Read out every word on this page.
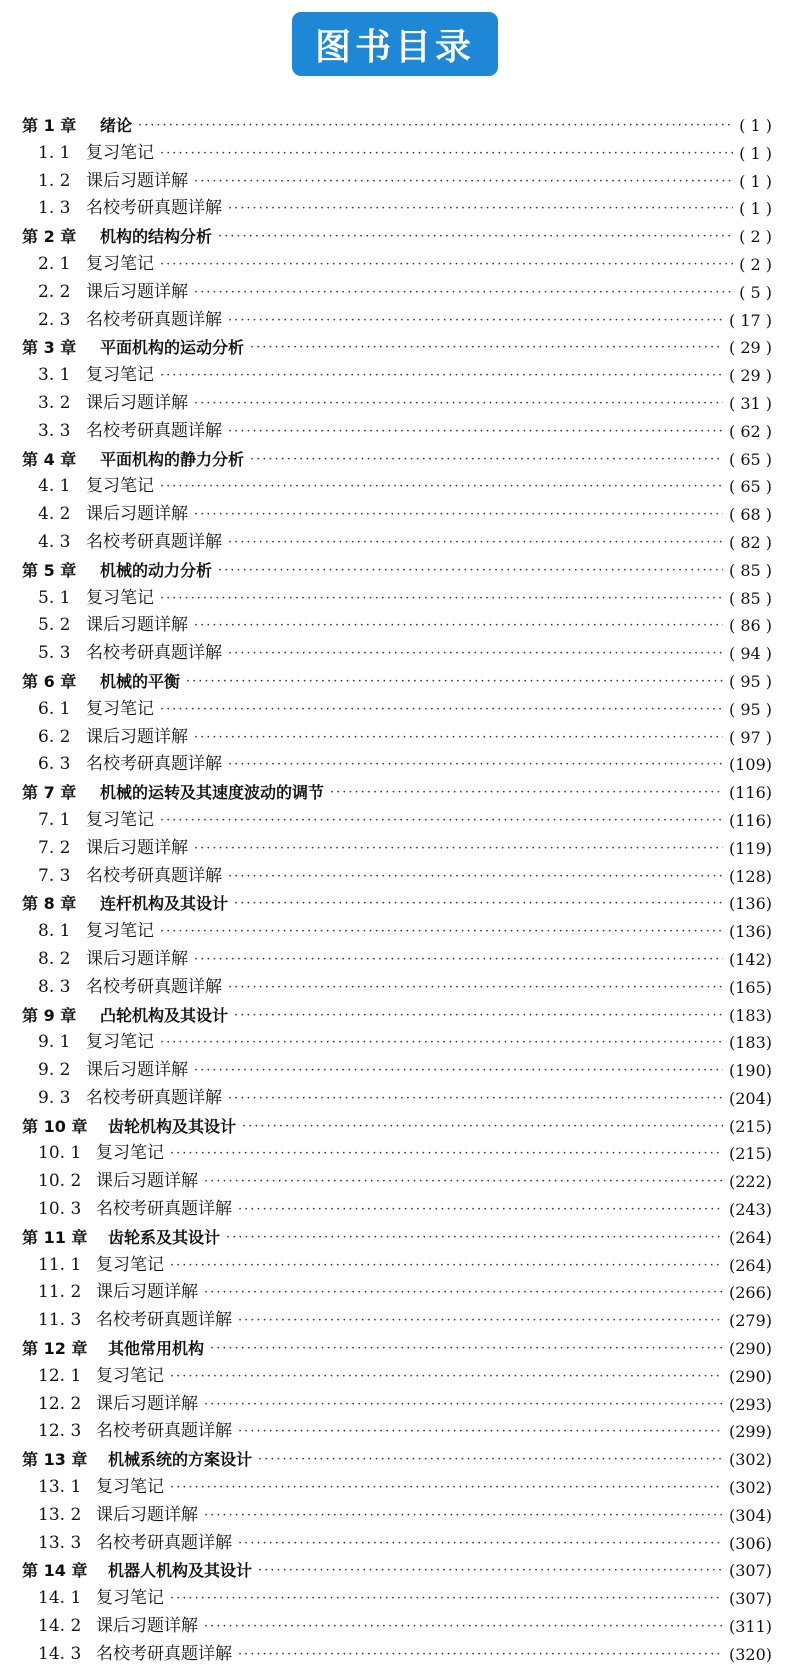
图书目录
第 1 章	绪论 ·····	( 1 )
1. 1 复习笔记 ·····	( 1 )
1. 2 课后习题详解 ·····	( 1 )
1. 3 名校考研真题详解 ·····	( 1 )
第 2 章	机构的结构分析 ·····	( 2 )
2. 1 复习笔记 ·····	( 2 )
2. 2 课后习题详解 ·····	( 5 )
2. 3 名校考研真题详解 ·····	( 17 )
第 3 章	平面机构的运动分析 ·····	( 29 )
3. 1 复习笔记 ·····	( 29 )
3. 2 课后习题详解 ·····	( 31 )
3. 3 名校考研真题详解 ·····	( 62 )
第 4 章	平面机构的静力分析 ·····	( 65 )
4. 1 复习笔记 ·····	( 65 )
4. 2 课后习题详解 ·····	( 68 )
4. 3 名校考研真题详解 ·····	( 82 )
第 5 章	机械的动力分析 ·····	( 85 )
5. 1 复习笔记 ·····	( 85 )
5. 2 课后习题详解 ·····	( 86 )
5. 3 名校考研真题详解 ·····	( 94 )
第 6 章	机械的平衡 ·····	( 95 )
6. 1 复习笔记 ·····	( 95 )
6. 2 课后习题详解 ·····	( 97 )
6. 3 名校考研真题详解 ·····	(109)
第 7 章	机械的运转及其速度波动的调节 ·····	(116)
7. 1 复习笔记 ·····	(116)
7. 2 课后习题详解 ·····	(119)
7. 3 名校考研真题详解 ·····	(128)
第 8 章	连杆机构及其设计 ·····	(136)
8. 1 复习笔记 ·····	(136)
8. 2 课后习题详解 ·····	(142)
8. 3 名校考研真题详解 ·····	(165)
第 9 章	凸轮机构及其设计 ·····	(183)
9. 1 复习笔记 ·····	(183)
9. 2 课后习题详解 ·····	(190)
9. 3 名校考研真题详解 ·····	(204)
第 10 章 齿轮机构及其设计 ·····	(215)
10. 1 复习笔记 ·····	(215)
10. 2 课后习题详解 ·····	(222)
10. 3 名校考研真题详解 ·····	(243)
第 11 章 齿轮系及其设计 ·····	(264)
11. 1 复习笔记 ·····	(264)
11. 2 课后习题详解 ·····	(266)
11. 3 名校考研真题详解 ·····	(279)
第 12 章 其他常用机构 ·····	(290)
12. 1 复习笔记 ·····	(290)
12. 2 课后习题详解 ·····	(293)
12. 3 名校考研真题详解 ·····	(299)
第 13 章 机械系统的方案设计 ·····	(302)
13. 1 复习笔记 ·····	(302)
13. 2 课后习题详解 ·····	(304)
13. 3 名校考研真题详解 ·····	(306)
第 14 章 机器人机构及其设计 ·····	(307)
14. 1 复习笔记 ·····	(307)
14. 2 课后习题详解 ·····	(311)
14. 3 名校考研真题详解 ·····	(320)
